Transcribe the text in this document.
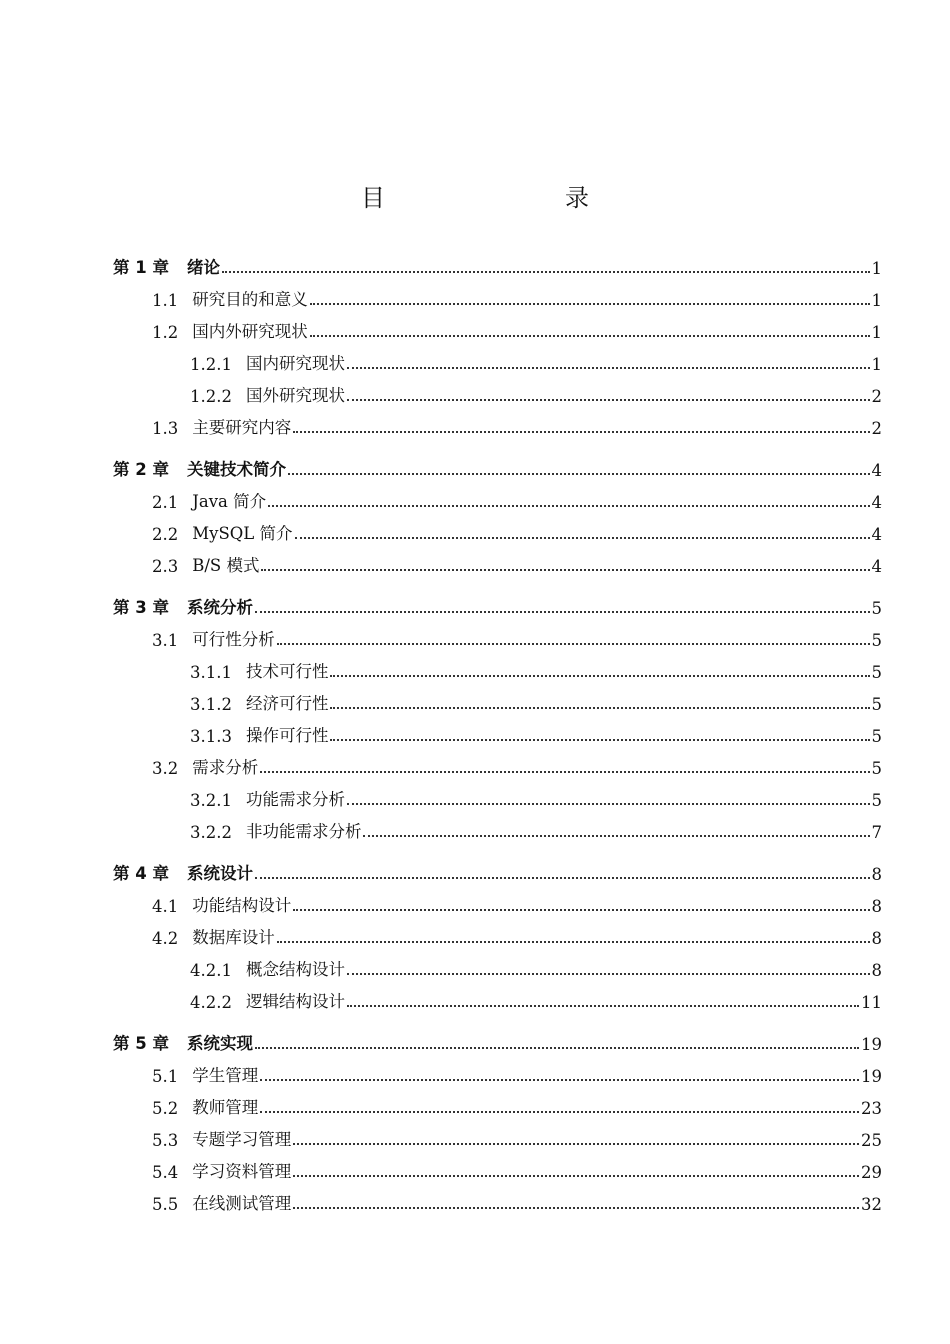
目　　录
第 1 章 绪论	1
1.1 研究目的和意义	1
1.2 国内外研究现状	1
1.2.1 国内研究现状	1
1.2.2 国外研究现状	2
1.3 主要研究内容	2
第 2 章 关键技术简介	4
2.1 Java 简介	4
2.2 MySQL 简介	4
2.3 B/S 模式	4
第 3 章 系统分析	5
3.1 可行性分析	5
3.1.1 技术可行性	5
3.1.2 经济可行性	5
3.1.3 操作可行性	5
3.2 需求分析	5
3.2.1 功能需求分析	5
3.2.2 非功能需求分析	7
第 4 章 系统设计	8
4.1 功能结构设计	8
4.2 数据库设计	8
4.2.1 概念结构设计	8
4.2.2 逻辑结构设计	11
第 5 章 系统实现	19
5.1 学生管理	19
5.2 教师管理	23
5.3 专题学习管理	25
5.4 学习资料管理	29
5.5 在线测试管理	32
